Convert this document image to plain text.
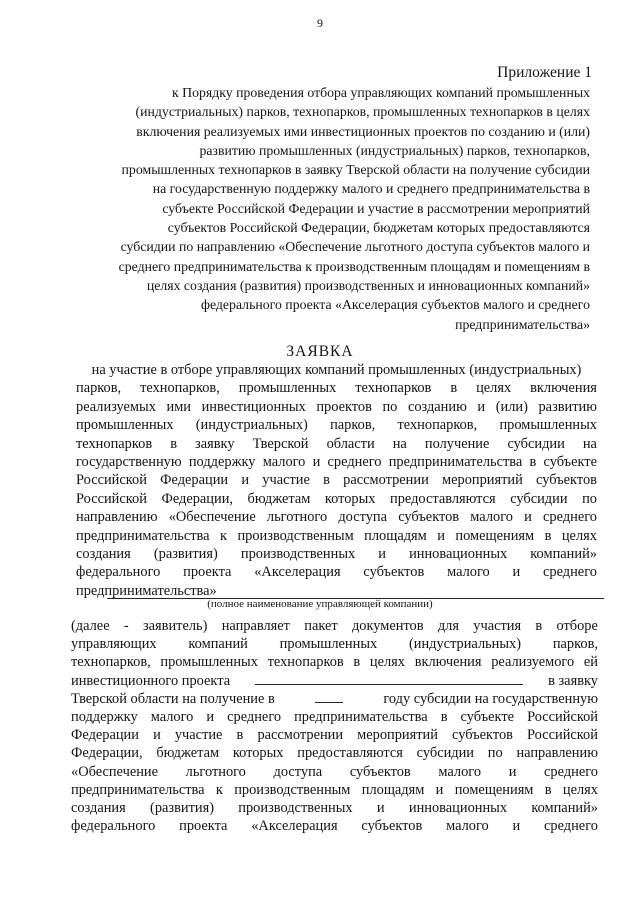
9
Приложение 1
к Порядку проведения отбора управляющих компаний промышленных
(индустриальных) парков, технопарков, промышленных технопарков в целях
включения реализуемых ими инвестиционных проектов по созданию и (или)
развитию промышленных (индустриальных) парков, технопарков,
промышленных технопарков в заявку Тверской области на получение субсидии
на государственную поддержку малого и среднего предпринимательства в
субъекте Российской Федерации и участие в рассмотрении мероприятий
субъектов Российской Федерации, бюджетам которых предоставляются
субсидии по направлению «Обеспечение льготного доступа субъектов малого и
среднего предпринимательства к производственным площадям и помещениям в
целях создания (развития) производственных и инновационных компаний»
федерального проекта «Акселерация субъектов малого и среднего
предпринимательства»
ЗАЯВКА
на участие в отборе управляющих компаний промышленных (индустриальных)
парков, технопарков, промышленных технопарков в целях включения
реализуемых ими инвестиционных проектов по созданию и (или) развитию
промышленных (индустриальных) парков, технопарков, промышленных
технопарков в заявку Тверской области на получение субсидии на
государственную поддержку малого и среднего предпринимательства в субъекте
Российской Федерации и участие в рассмотрении мероприятий субъектов
Российской Федерации, бюджетам которых предоставляются субсидии по
направлению «Обеспечение льготного доступа субъектов малого и среднего
предпринимательства к производственным площадям и помещениям в целях
создания (развития) производственных и инновационных компаний»
федерального проекта «Акселерация субъектов малого и среднего
предпринимательства»
(полное наименование управляющей компании)
(далее - заявитель) направляет пакет документов для участия в отборе
управляющих компаний промышленных (индустриальных) парков,
технопарков, промышленных технопарков в целях включения реализуемого ей
инвестиционного проекта	в заявку
Тверской области на получение в	году субсидии на государственную
поддержку малого и среднего предпринимательства в субъекте Российской
Федерации и участие в рассмотрении мероприятий субъектов Российской
Федерации, бюджетам которых предоставляются субсидии по направлению
«Обеспечение льготного доступа субъектов малого и среднего
предпринимательства к производственным площадям и помещениям в целях
создания (развития) производственных и инновационных компаний»
федерального проекта «Акселерация субъектов малого и среднего
